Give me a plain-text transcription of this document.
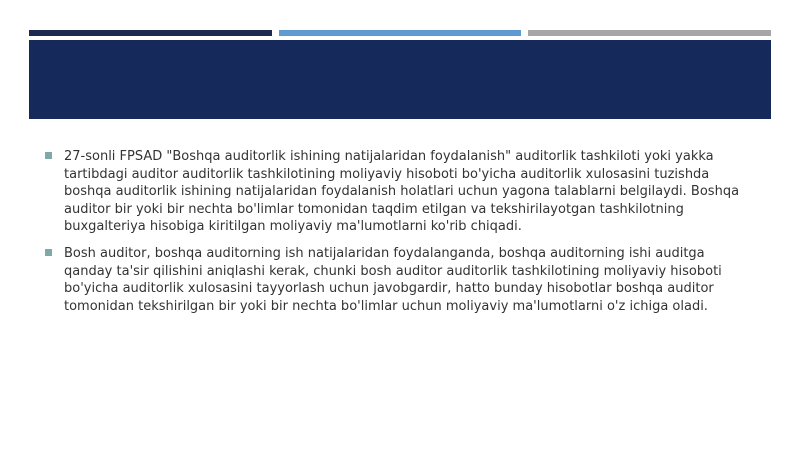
27-sonli FPSAD "Boshqa auditorlik ishining natijalaridan foydalanish" auditorlik tashkiloti yoki yakka tartibdagi auditor auditorlik tashkilotining moliyaviy hisoboti bo'yicha auditorlik xulosasini tuzishda boshqa auditorlik ishining natijalaridan foydalanish holatlari uchun yagona talablarni belgilaydi. Boshqa auditor bir yoki bir nechta bo'limlar tomonidan taqdim etilgan va tekshirilayotgan tashkilotning buxgalteriya hisobiga kiritilgan moliyaviy ma'lumotlarni ko'rib chiqadi.
Bosh auditor, boshqa auditorning ish natijalaridan foydalanganda, boshqa auditorning ishi auditga qanday ta'sir qilishini aniqlashi kerak, chunki bosh auditor auditorlik tashkilotining moliyaviy hisoboti bo'yicha auditorlik xulosasini tayyorlash uchun javobgardir, hatto bunday hisobotlar boshqa auditor tomonidan tekshirilgan bir yoki bir nechta bo'limlar uchun moliyaviy ma'lumotlarni o'z ichiga oladi.
